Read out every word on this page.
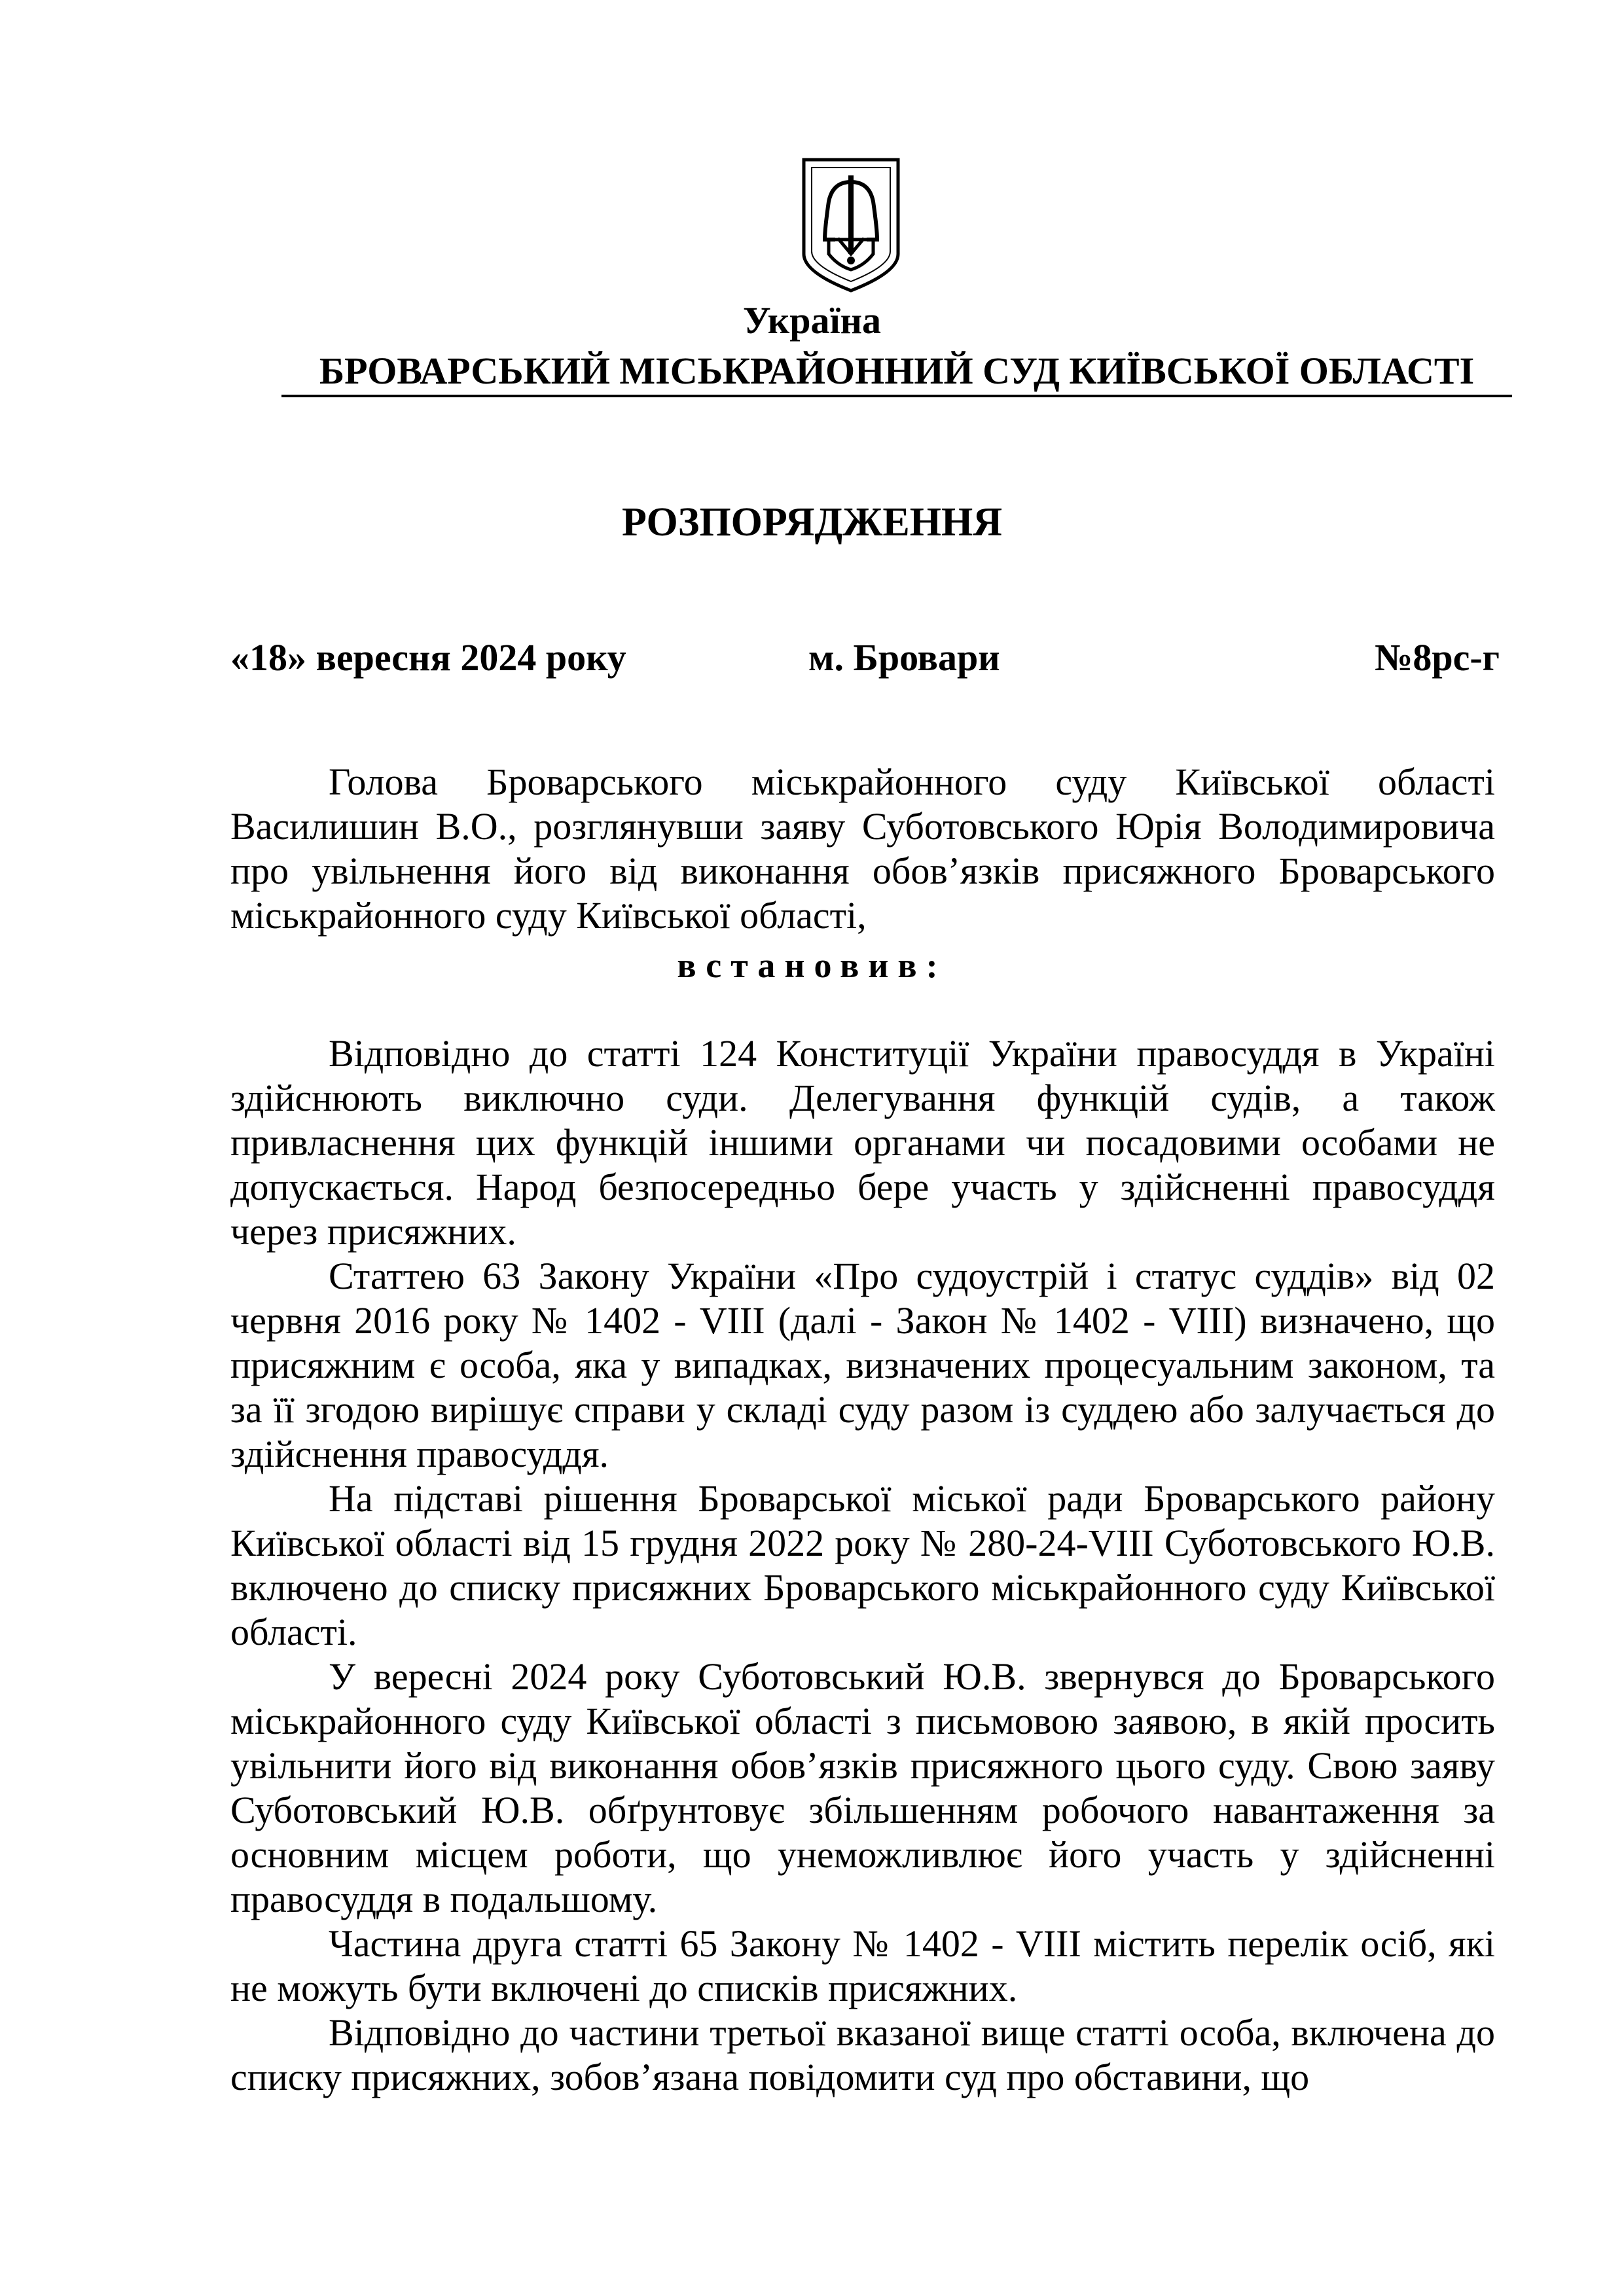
Україна
БРОВАРСЬКИЙ МІСЬКРАЙОННИЙ СУД КИЇВСЬКОЇ ОБЛАСТІ
РОЗПОРЯДЖЕННЯ
«18» вересня 2024 року	м. Бровари	№8рс-г

Голова Броварського міськрайонного суду Київської області Василишин В.О., розглянувши заяву Суботовського Юрія Володимировича про увільнення його від виконання обов’язків присяжного Броварського міськрайонного суду Київської області,

встановив:

Відповідно до статті 124 Конституції України правосуддя в Україні здійснюють виключно суди. Делегування функцій судів, а також привласнення цих функцій іншими органами чи посадовими особами не допускається. Народ безпосередньо бере участь у здійсненні правосуддя через присяжних.

Статтею 63 Закону України «Про судоустрій і статус суддів» від 02 червня 2016 року № 1402 - VIII (далі - Закон № 1402 - VIII) визначено, що присяжним є особа, яка у випадках, визначених процесуальним законом, та за її згодою вирішує справи у складі суду разом із суддею або залучається до здійснення правосуддя.

На підставі рішення Броварської міської ради Броварського району Київської області від 15 грудня 2022 року № 280-24-VIII Суботовського Ю.В. включено до списку присяжних Броварського міськрайонного суду Київської області.

У вересні 2024 року Суботовський Ю.В. звернувся до Броварського міськрайонного суду Київської області з письмовою заявою, в якій просить увільнити його від виконання обов’язків присяжного цього суду. Свою заяву Суботовський Ю.В. обґрунтовує збільшенням робочого навантаження за основним місцем роботи, що унеможливлює його участь у здійсненні правосуддя в подальшому.

Частина друга статті 65 Закону № 1402 - VIII містить перелік осіб, які не можуть бути включені до списків присяжних.

Відповідно до частини третьої вказаної вище статті особа, включена до списку присяжних, зобов’язана повідомити суд про обставини, що
